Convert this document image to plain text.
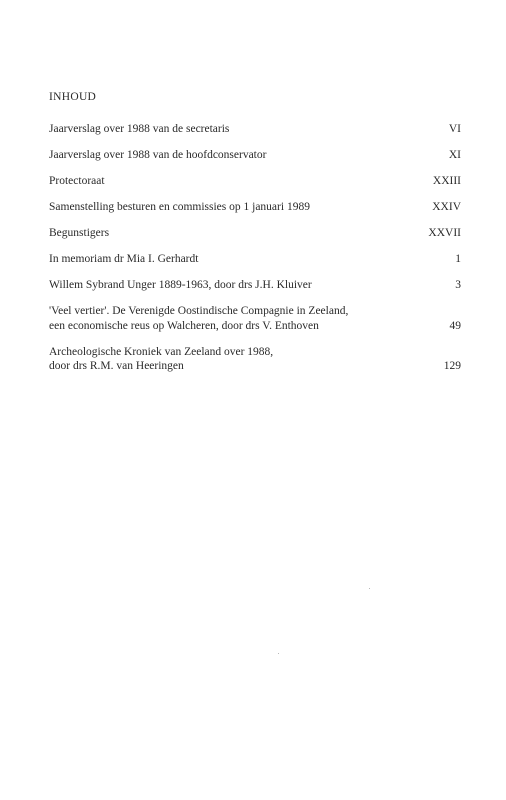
INHOUD
Jaarverslag over 1988 van de secretaris	VI
Jaarverslag over 1988 van de hoofdconservator	XI
Protectoraat	XXIII
Samenstelling besturen en commissies op 1 januari 1989	XXIV
Begunstigers	XXVII
In memoriam dr Mia I. Gerhardt	1
Willem Sybrand Unger 1889-1963, door drs J.H. Kluiver	3
'Veel vertier'. De Verenigde Oostindische Compagnie in Zeeland,
een economische reus op Walcheren, door drs V. Enthoven	49
Archeologische Kroniek van Zeeland over 1988,
door drs R.M. van Heeringen	129
